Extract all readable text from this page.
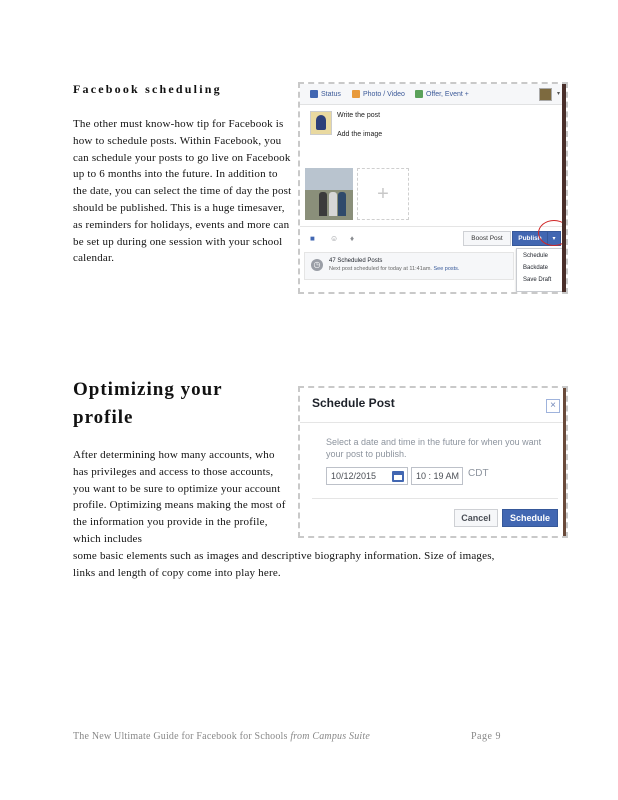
Facebook scheduling
The other must know-how tip for Facebook is how to schedule posts. Within Facebook, you can schedule your posts to go live on Facebook up to 6 months into the future. In addition to the date, you can select the time of day the post should be published. This is a huge timesaver, as reminders for holidays, events and more can be set up during one session with your school calendar.
Status	Photo / Video	Offer, Event +	▾
Write the post
Add the image
+
■ ☺ ♦	Boost Post	Publish	▾
◷	47 Scheduled Posts
Next post scheduled for today at 11:41am. See posts.
Schedule
Backdate
Save Draft
Optimizing your profile
After determining how many accounts, who has privileges and access to those accounts, you want to be sure to optimize your account profile. Optimizing means making the most of the information you provide in the profile, which includes
some basic elements such as images and descriptive biography information. Size of images, links and length of copy come into play here.
Schedule Post	×
Select a date and time in the future for when you want your post to publish.
10/12/2015	10 : 19 AM CDT
Cancel	Schedule
The New Ultimate Guide for Facebook for Schools from Campus Suite	Page 9
